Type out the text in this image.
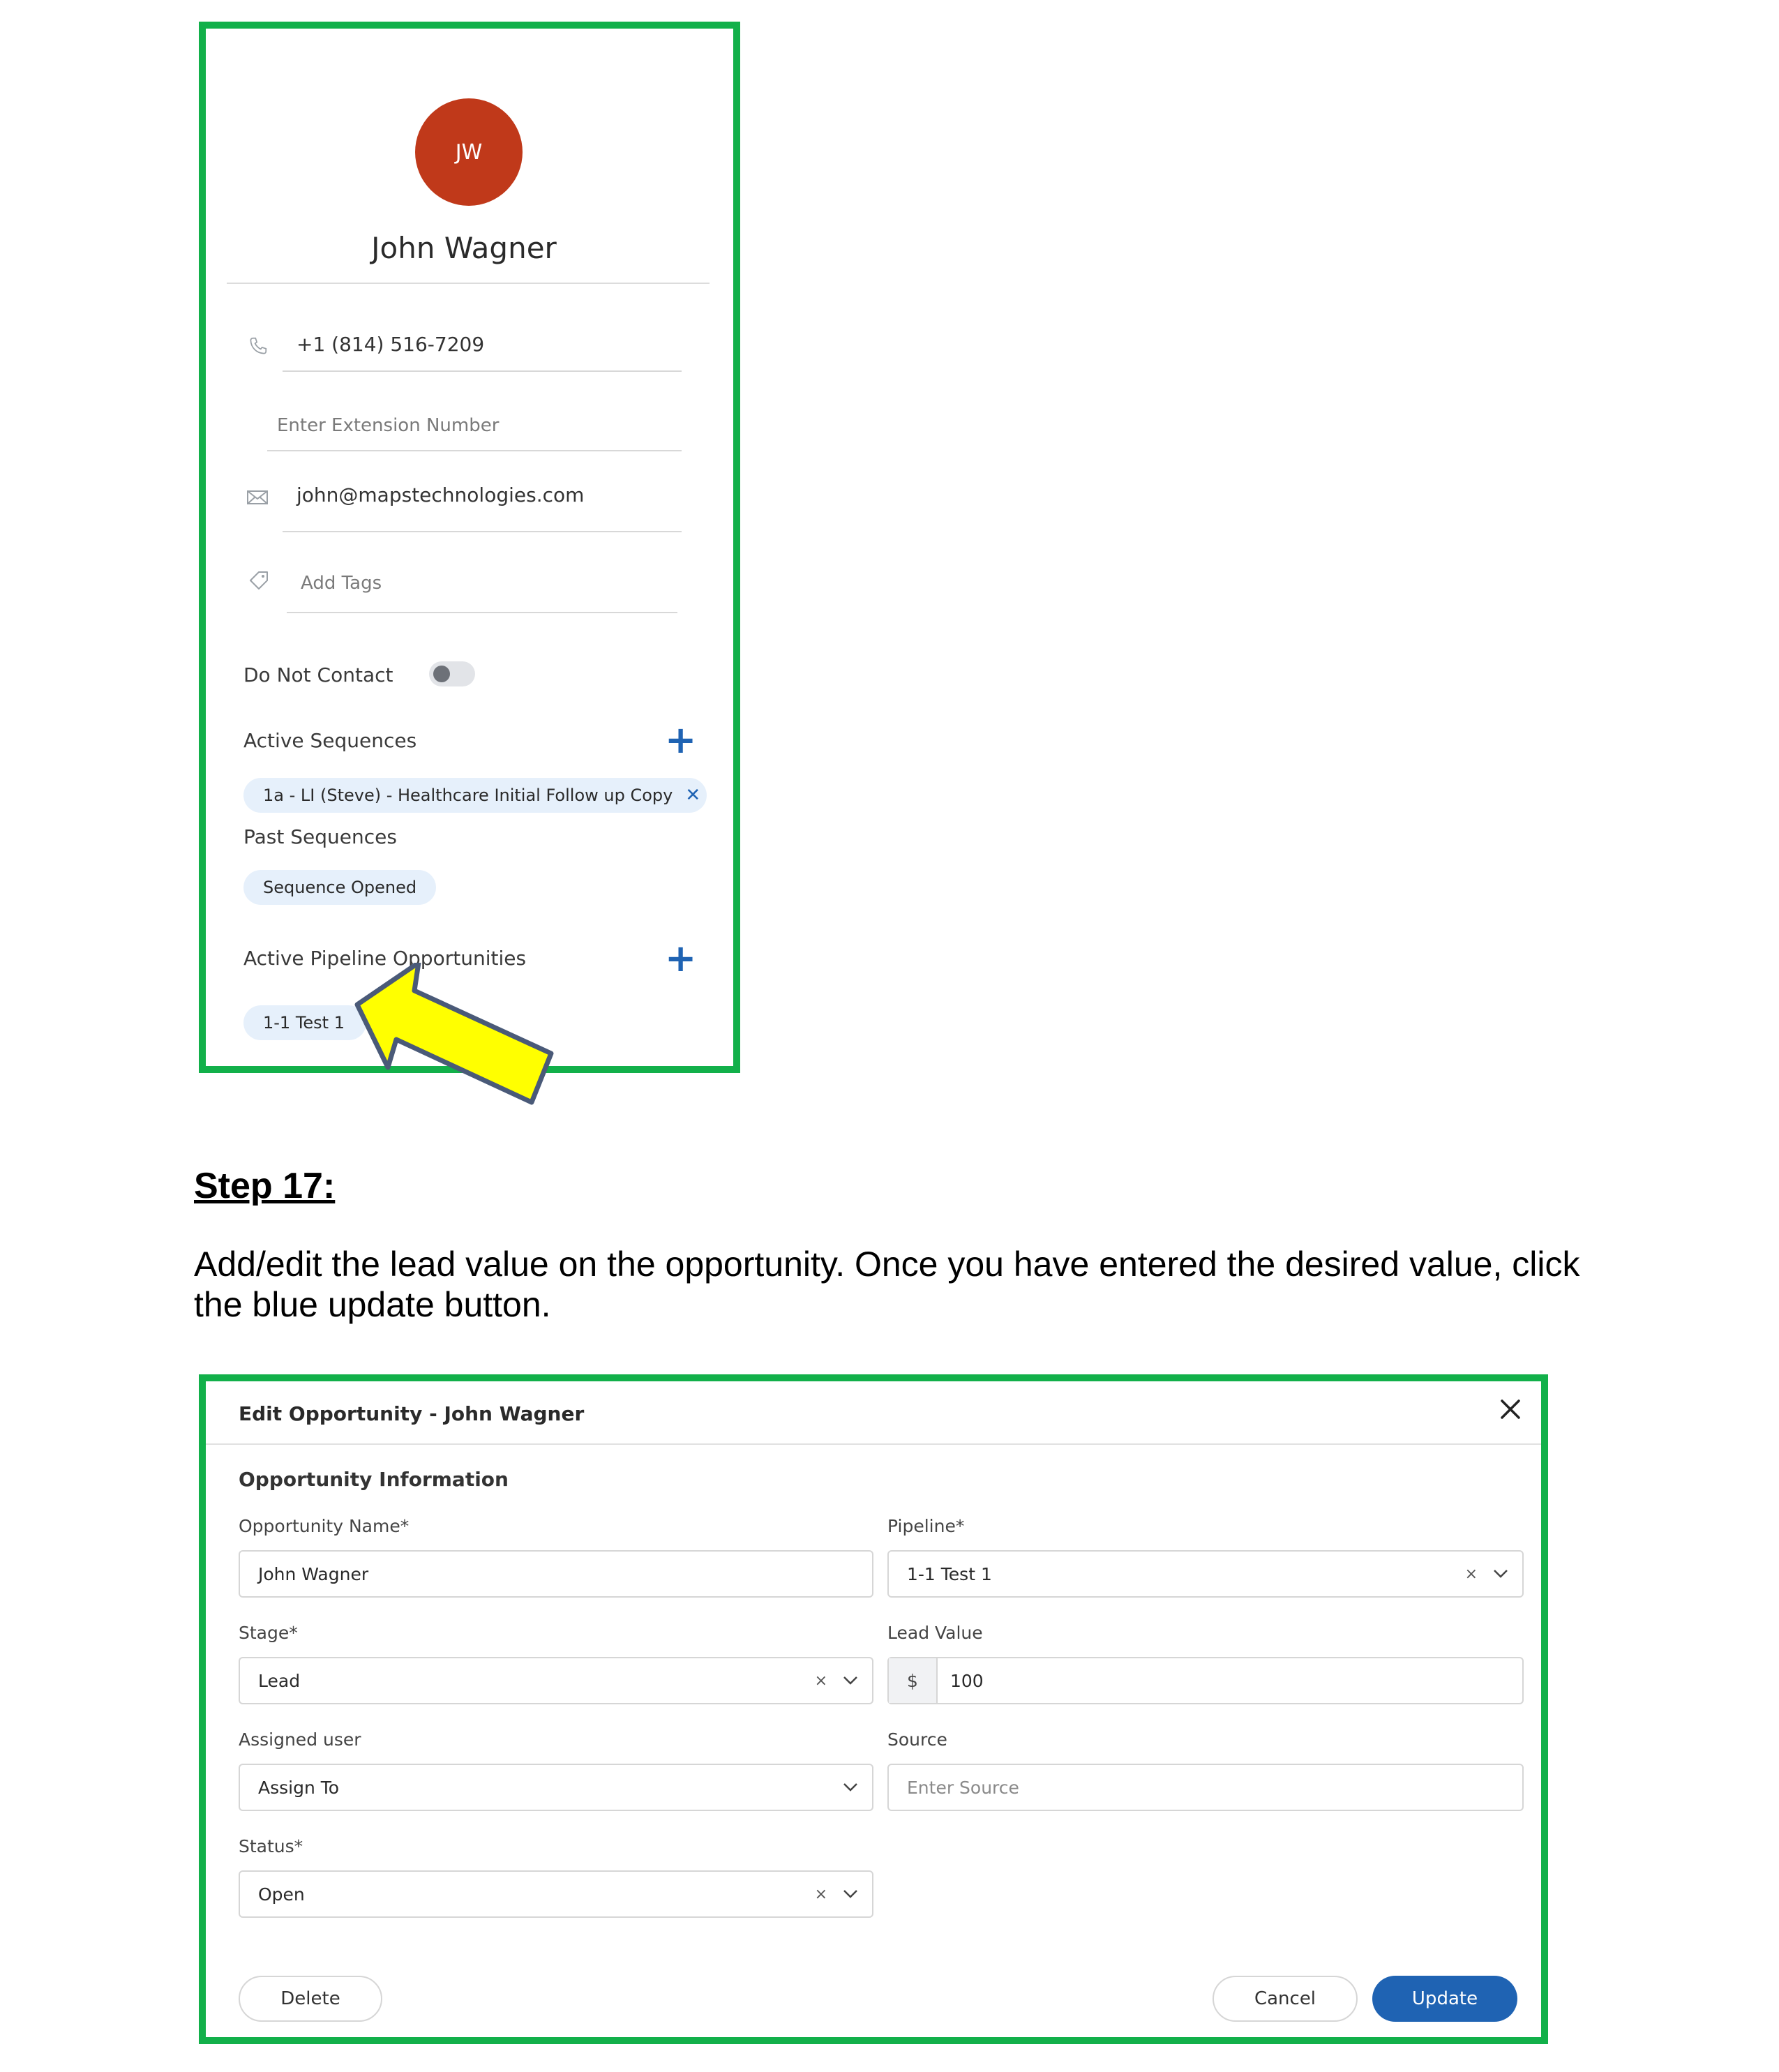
JW
John Wagner
+1 (814) 516-7209
Enter Extension Number
john@mapstechnologies.com
Add Tags
Do Not Contact
Active Sequences	+
1a - LI (Steve) - Healthcare Initial Follow up Copy ✕
Past Sequences
Sequence Opened
Active Pipeline Opportunities	+
1-1 Test 1
Step 17:
Add/edit the lead value on the opportunity. Once you have entered the desired value, click the blue update button.
Edit Opportunity - John Wagner
Opportunity Information
Opportunity Name*
John Wagner
Pipeline*
1-1 Test 1	×
Stage*
Lead	×
Lead Value
$ 100
Assigned user
Assign To
Source
Enter Source
Status*
Open	×
Delete	Cancel	Update
